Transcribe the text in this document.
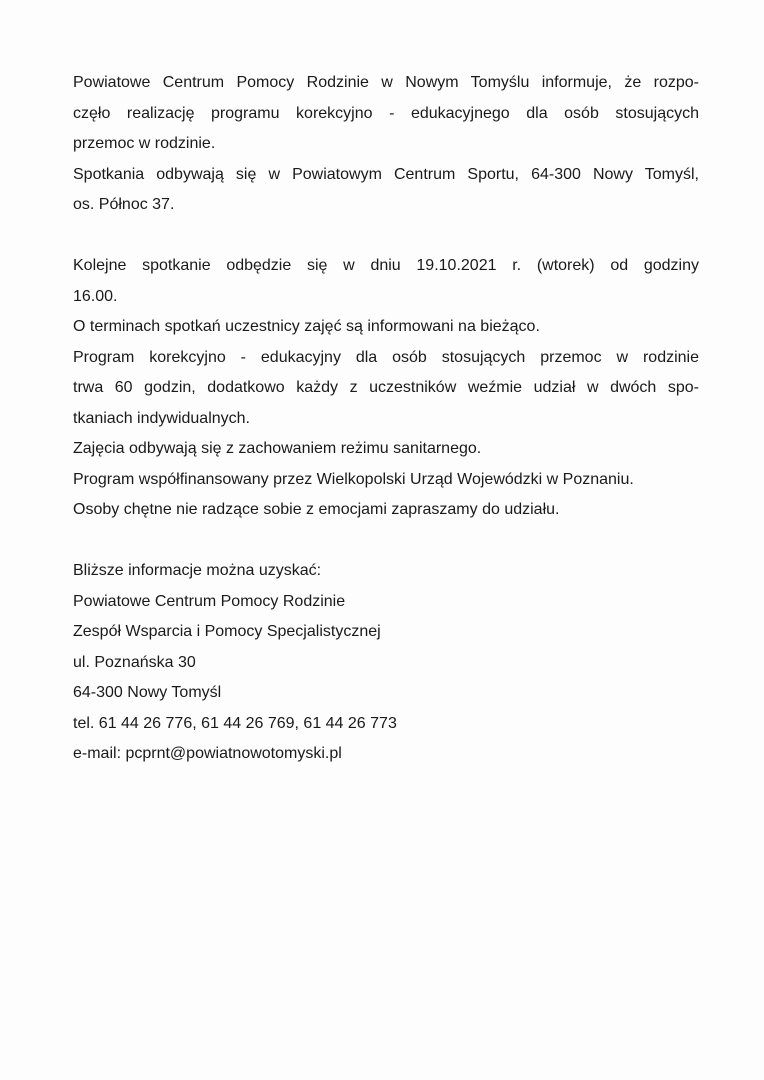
Powiatowe Centrum Pomocy Rodzinie w Nowym Tomyślu informuje, że rozpo-
częło realizację programu korekcyjno - edukacyjnego dla osób stosujących
przemoc w rodzinie.
Spotkania odbywają się w Powiatowym Centrum Sportu, 64-300 Nowy Tomyśl,
os. Północ 37.
Kolejne spotkanie odbędzie się w dniu 19.10.2021 r. (wtorek) od godziny
16.00.
O terminach spotkań uczestnicy zajęć są informowani na bieżąco.
Program korekcyjno - edukacyjny dla osób stosujących przemoc w rodzinie
trwa 60 godzin, dodatkowo każdy z uczestników weźmie udział w dwóch spo-
tkaniach indywidualnych.
Zajęcia odbywają się z zachowaniem reżimu sanitarnego.
Program współfinansowany przez Wielkopolski Urząd Wojewódzki w Poznaniu.
Osoby chętne nie radzące sobie z emocjami zapraszamy do udziału.
Bliższe informacje można uzyskać:
Powiatowe Centrum Pomocy Rodzinie
Zespół Wsparcia i Pomocy Specjalistycznej
ul. Poznańska 30
64-300 Nowy Tomyśl
tel. 61 44 26 776, 61 44 26 769, 61 44 26 773
e-mail: pcprnt@powiatnowotomyski.pl
